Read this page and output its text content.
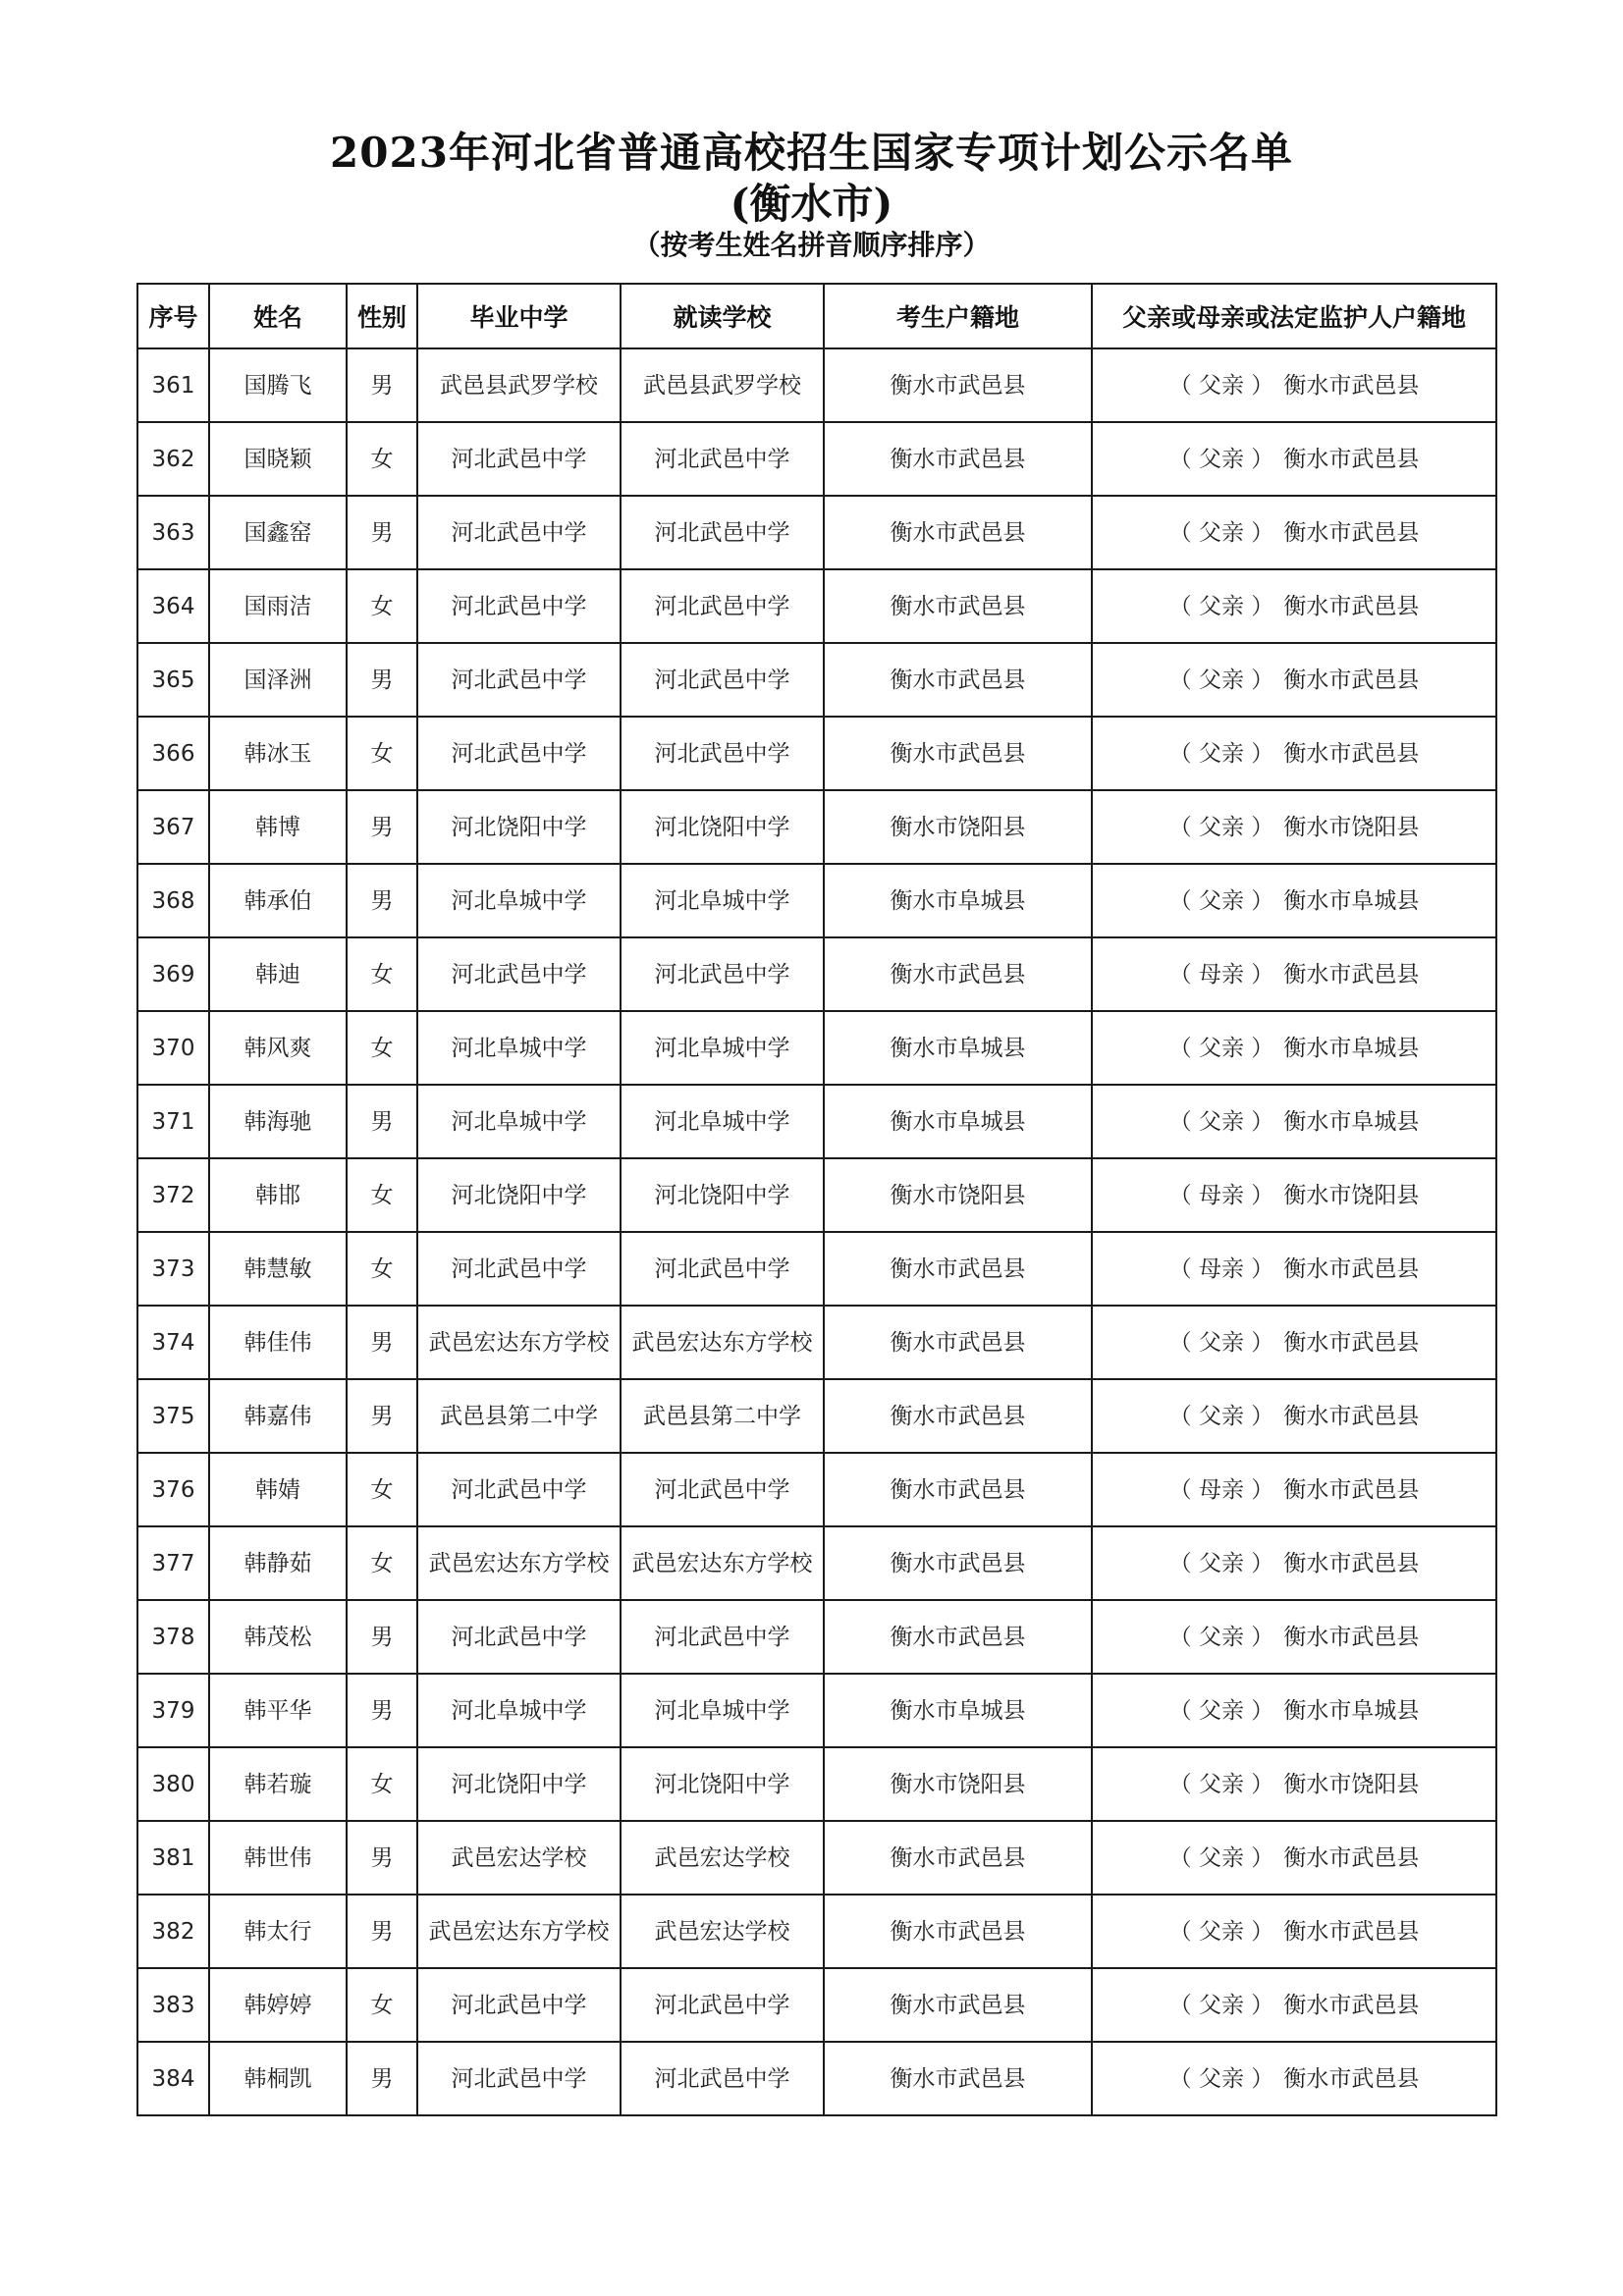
2023年河北省普通高校招生国家专项计划公示名单
(衡水市)
（按考生姓名拼音顺序排序）
序号	姓名	性别	毕业中学	就读学校	考生户籍地	父亲或母亲或法定监护人户籍地
361	国腾飞	男	武邑县武罗学校	武邑县武罗学校	衡水市武邑县	（ 父亲 ） 衡水市武邑县
362	国晓颖	女	河北武邑中学	河北武邑中学	衡水市武邑县	（ 父亲 ） 衡水市武邑县
363	国鑫窑	男	河北武邑中学	河北武邑中学	衡水市武邑县	（ 父亲 ） 衡水市武邑县
364	国雨洁	女	河北武邑中学	河北武邑中学	衡水市武邑县	（ 父亲 ） 衡水市武邑县
365	国泽洲	男	河北武邑中学	河北武邑中学	衡水市武邑县	（ 父亲 ） 衡水市武邑县
366	韩冰玉	女	河北武邑中学	河北武邑中学	衡水市武邑县	（ 父亲 ） 衡水市武邑县
367	韩博	男	河北饶阳中学	河北饶阳中学	衡水市饶阳县	（ 父亲 ） 衡水市饶阳县
368	韩承伯	男	河北阜城中学	河北阜城中学	衡水市阜城县	（ 父亲 ） 衡水市阜城县
369	韩迪	女	河北武邑中学	河北武邑中学	衡水市武邑县	（ 母亲 ） 衡水市武邑县
370	韩风爽	女	河北阜城中学	河北阜城中学	衡水市阜城县	（ 父亲 ） 衡水市阜城县
371	韩海驰	男	河北阜城中学	河北阜城中学	衡水市阜城县	（ 父亲 ） 衡水市阜城县
372	韩邯	女	河北饶阳中学	河北饶阳中学	衡水市饶阳县	（ 母亲 ） 衡水市饶阳县
373	韩慧敏	女	河北武邑中学	河北武邑中学	衡水市武邑县	（ 母亲 ） 衡水市武邑县
374	韩佳伟	男	武邑宏达东方学校	武邑宏达东方学校	衡水市武邑县	（ 父亲 ） 衡水市武邑县
375	韩嘉伟	男	武邑县第二中学	武邑县第二中学	衡水市武邑县	（ 父亲 ） 衡水市武邑县
376	韩婧	女	河北武邑中学	河北武邑中学	衡水市武邑县	（ 母亲 ） 衡水市武邑县
377	韩静茹	女	武邑宏达东方学校	武邑宏达东方学校	衡水市武邑县	（ 父亲 ） 衡水市武邑县
378	韩茂松	男	河北武邑中学	河北武邑中学	衡水市武邑县	（ 父亲 ） 衡水市武邑县
379	韩平华	男	河北阜城中学	河北阜城中学	衡水市阜城县	（ 父亲 ） 衡水市阜城县
380	韩若璇	女	河北饶阳中学	河北饶阳中学	衡水市饶阳县	（ 父亲 ） 衡水市饶阳县
381	韩世伟	男	武邑宏达学校	武邑宏达学校	衡水市武邑县	（ 父亲 ） 衡水市武邑县
382	韩太行	男	武邑宏达东方学校	武邑宏达学校	衡水市武邑县	（ 父亲 ） 衡水市武邑县
383	韩婷婷	女	河北武邑中学	河北武邑中学	衡水市武邑县	（ 父亲 ） 衡水市武邑县
384	韩桐凯	男	河北武邑中学	河北武邑中学	衡水市武邑县	（ 父亲 ） 衡水市武邑县
